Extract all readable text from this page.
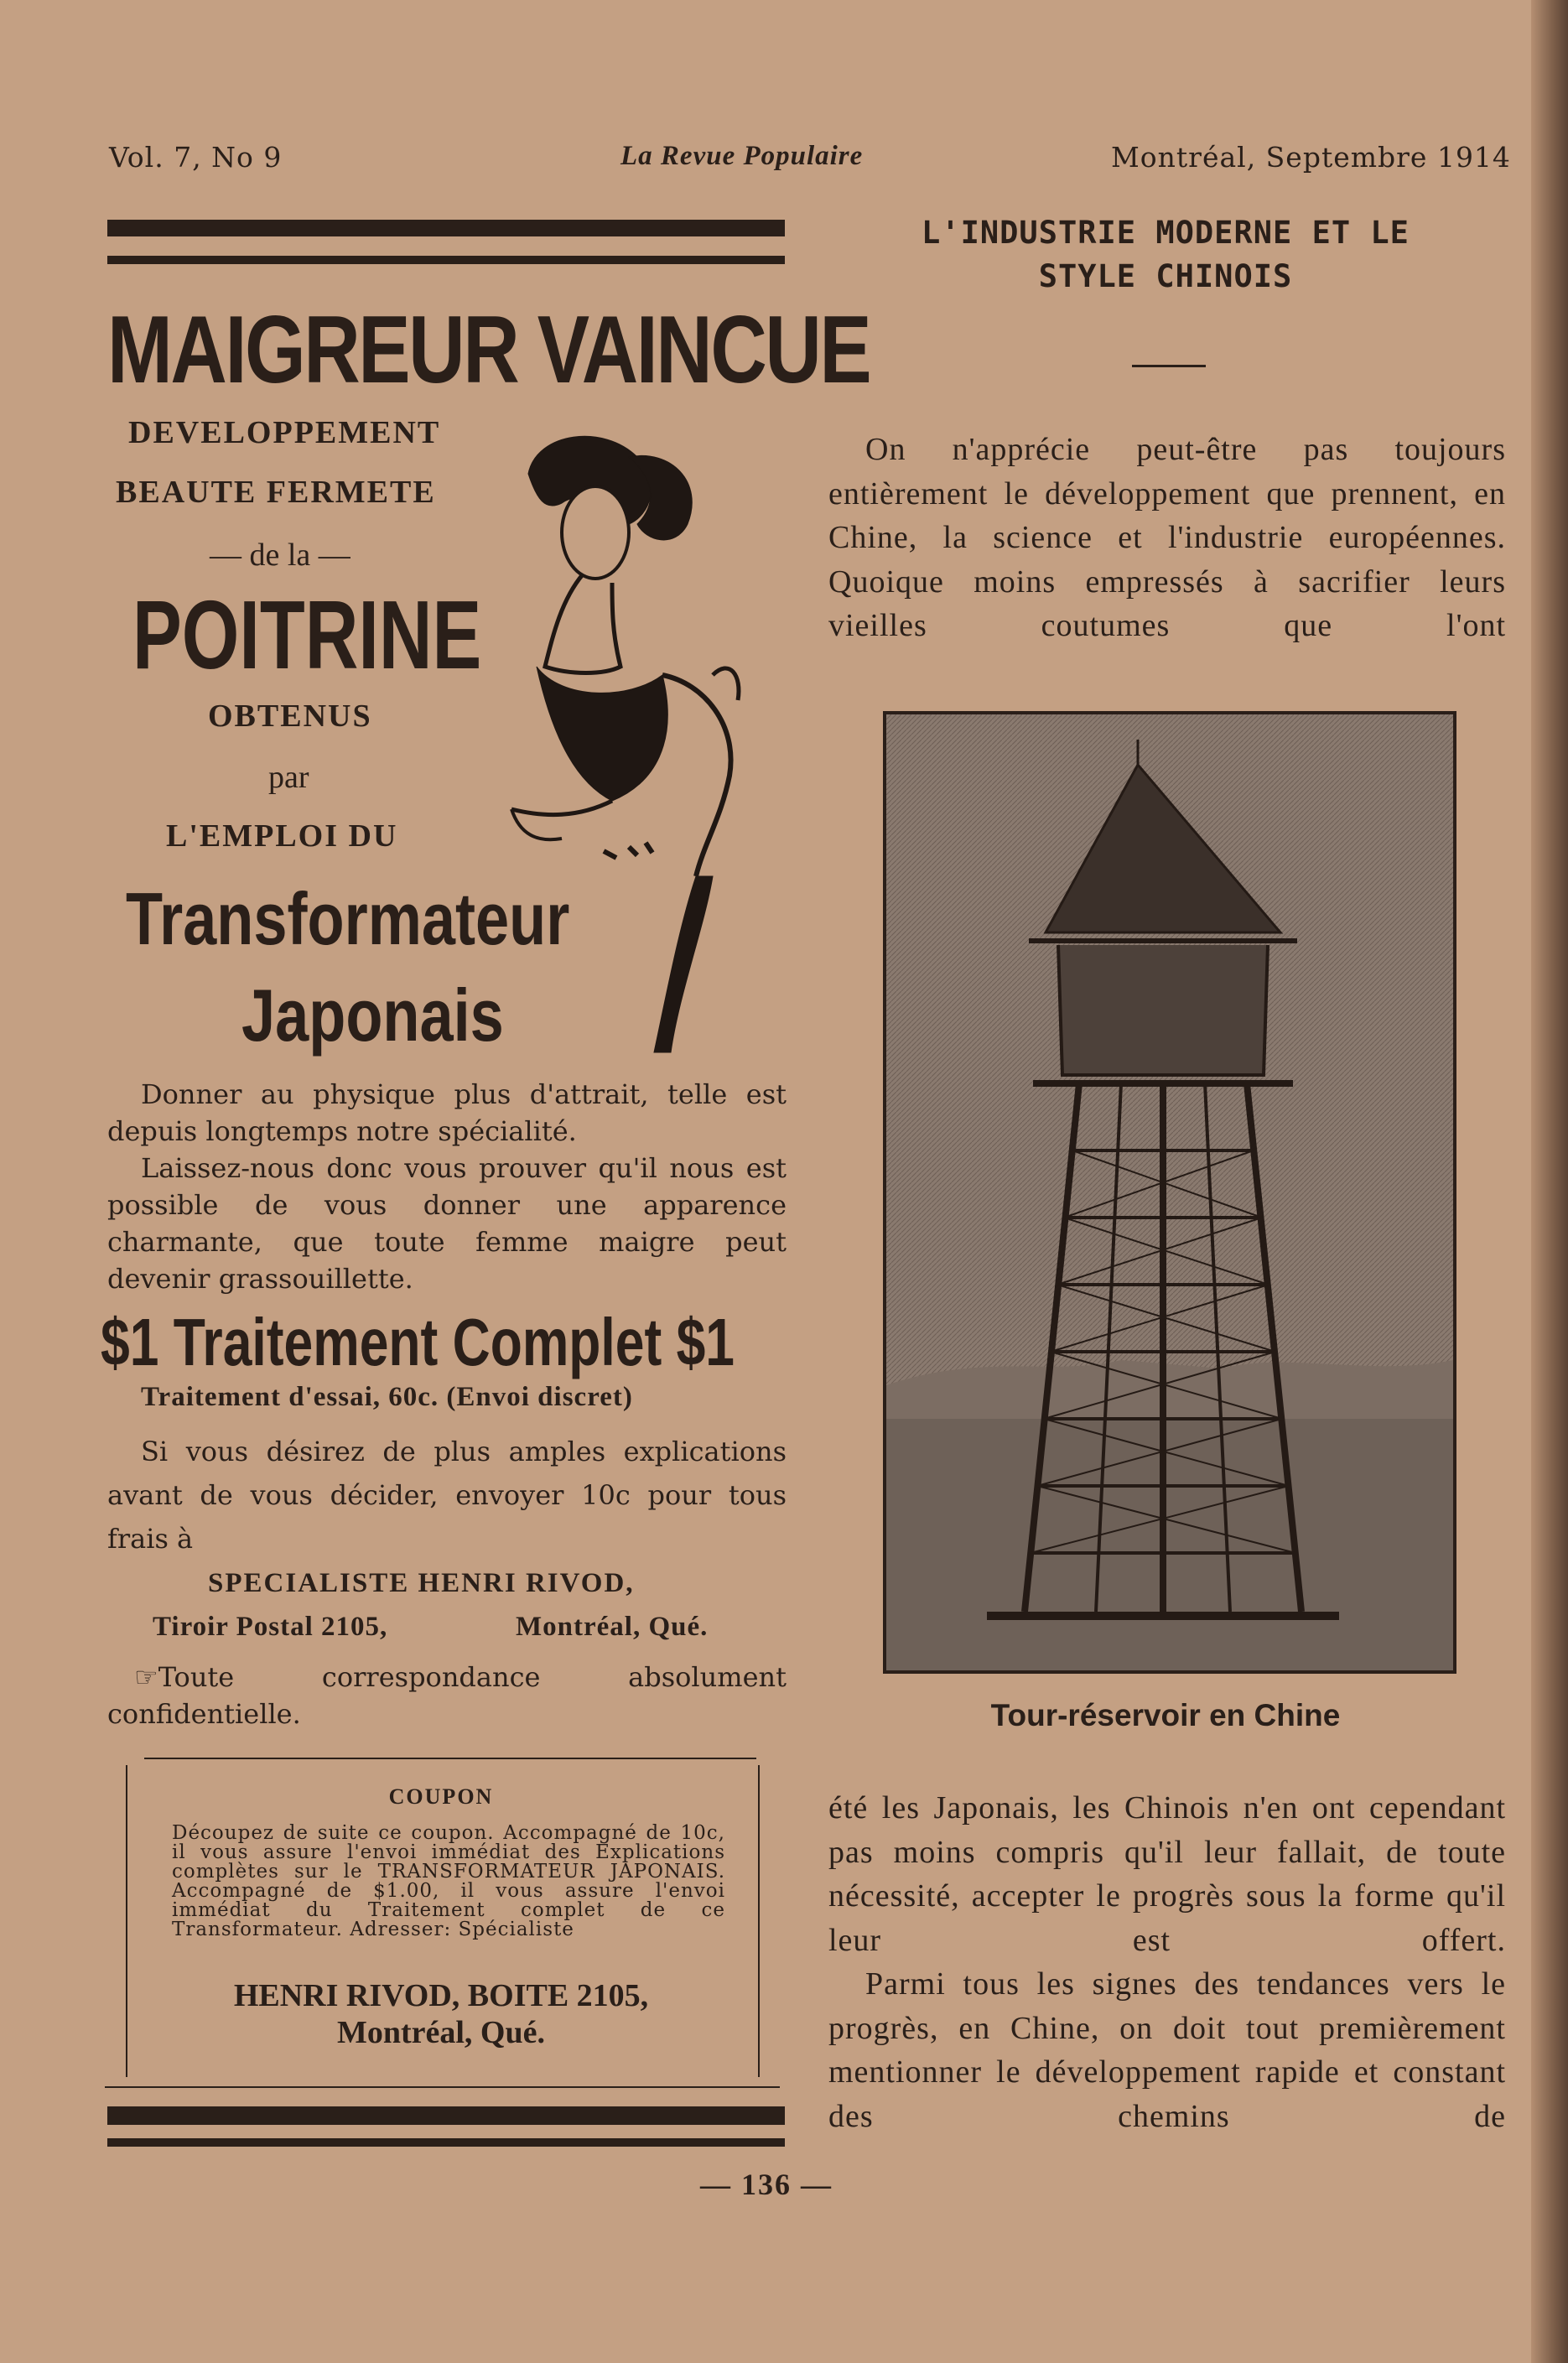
Vol. 7, No 9	La Revue Populaire	Montréal, Septembre 1914
MAIGREUR VAINCUE
DEVELOPPEMENT
BEAUTE FERMETE
— de la —
POITRINE
OBTENUS
par
L'EMPLOI DU
Transformateur
Japonais
Donner au physique plus d'attrait, telle est depuis longtemps notre spécialité.
Laissez-nous donc vous prouver qu'il nous est possible de vous donner une apparence charmante, que toute femme maigre peut devenir grassouillette.
$1 Traitement Complet $1
Traitement d'essai, 60c. (Envoi discret)
Si vous désirez de plus amples explications avant de vous décider, envoyer 10c pour tous frais à
SPECIALISTE HENRI RIVOD,
Tiroir Postal 2105,	Montréal, Qué.
☞Toute correspondance absolument confidentielle.
COUPON
Découpez de suite ce coupon. Accompagné de 10c, il vous assure l'envoi immédiat des Explications complètes sur le TRANSFORMATEUR JAPONAIS. Accompagné de $1.00, il vous assure l'envoi immédiat du Traitement complet de ce Transformateur. Adresser: Spécialiste
HENRI RIVOD, BOITE 2105,
Montréal, Qué.
L'INDUSTRIE MODERNE ET LE
STYLE CHINOIS
On n'apprécie peut-être pas toujours entièrement le développement que prennent, en Chine, la science et l'industrie européennes. Quoique moins empressés à sacrifier leurs vieilles coutumes que l'ont
Tour-réservoir en Chine
été les Japonais, les Chinois n'en ont cependant pas moins compris qu'il leur fallait, de toute nécessité, accepter le progrès sous la forme qu'il leur est offert.
Parmi tous les signes des tendances vers le progrès, en Chine, on doit tout premièrement mentionner le développement rapide et constant des chemins de
— 136 —
